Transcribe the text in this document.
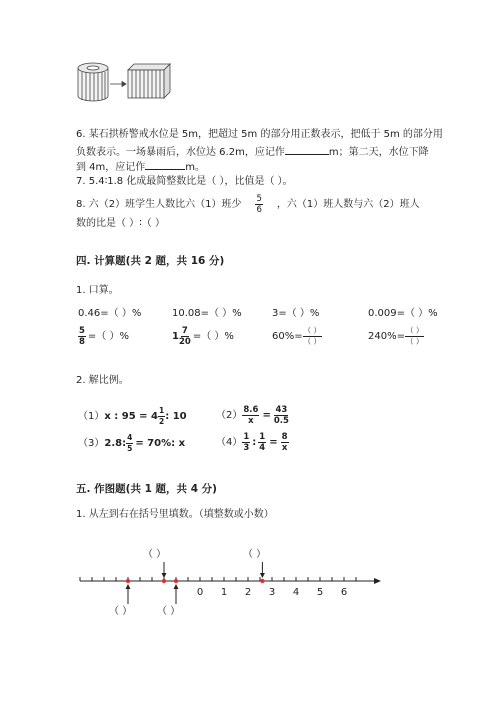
6. 某石拱桥警戒水位是 5m，把超过 5m 的部分用正数表示，把低于 5m 的部分用
负数表示。一场暴雨后，水位达 6.2m，应记作	m；第二天，水位下降
到 4m，应记作	m。
7. 5.4∶1.8 化成最简整数比是（ ），比值是（ ）。
8. 六（2）班学生人数比六（1）班少 $\frac{5}{6}$ ，六（1）班人数与六（2）班人
数的比是（ ）∶（ ）
四. 计算题(共 2 题，共 16 分)
1. 口算。
0.46=（ ）%	10.08=（ ）%	3=（ ）%	0.009=（ ）%
$\frac{5}{8}$ =（ ）%	$1 \frac{7}{20}$ =（ ）%	$60\%= \frac{( )}{( )}$	$240\%= \frac{( )}{( )}$
2. 解比例。
（1） x : $95 = 4 \frac{1}{2}$ : 10	$(2) \frac{8.6}{x} = \frac{43}{0.5}$
（3） 2.8: $\frac{4}{5} = 70\%$: x	$(4) \frac{1}{3}$ : $\frac{1}{4} = \frac{8}{x}$
五. 作图题(共 1 题，共 4 分)
1. 从左到右在括号里填数。（填整数或小数）
（ ）	（ ）
（ ） （ ）
0 1 2 3 4 5 6
